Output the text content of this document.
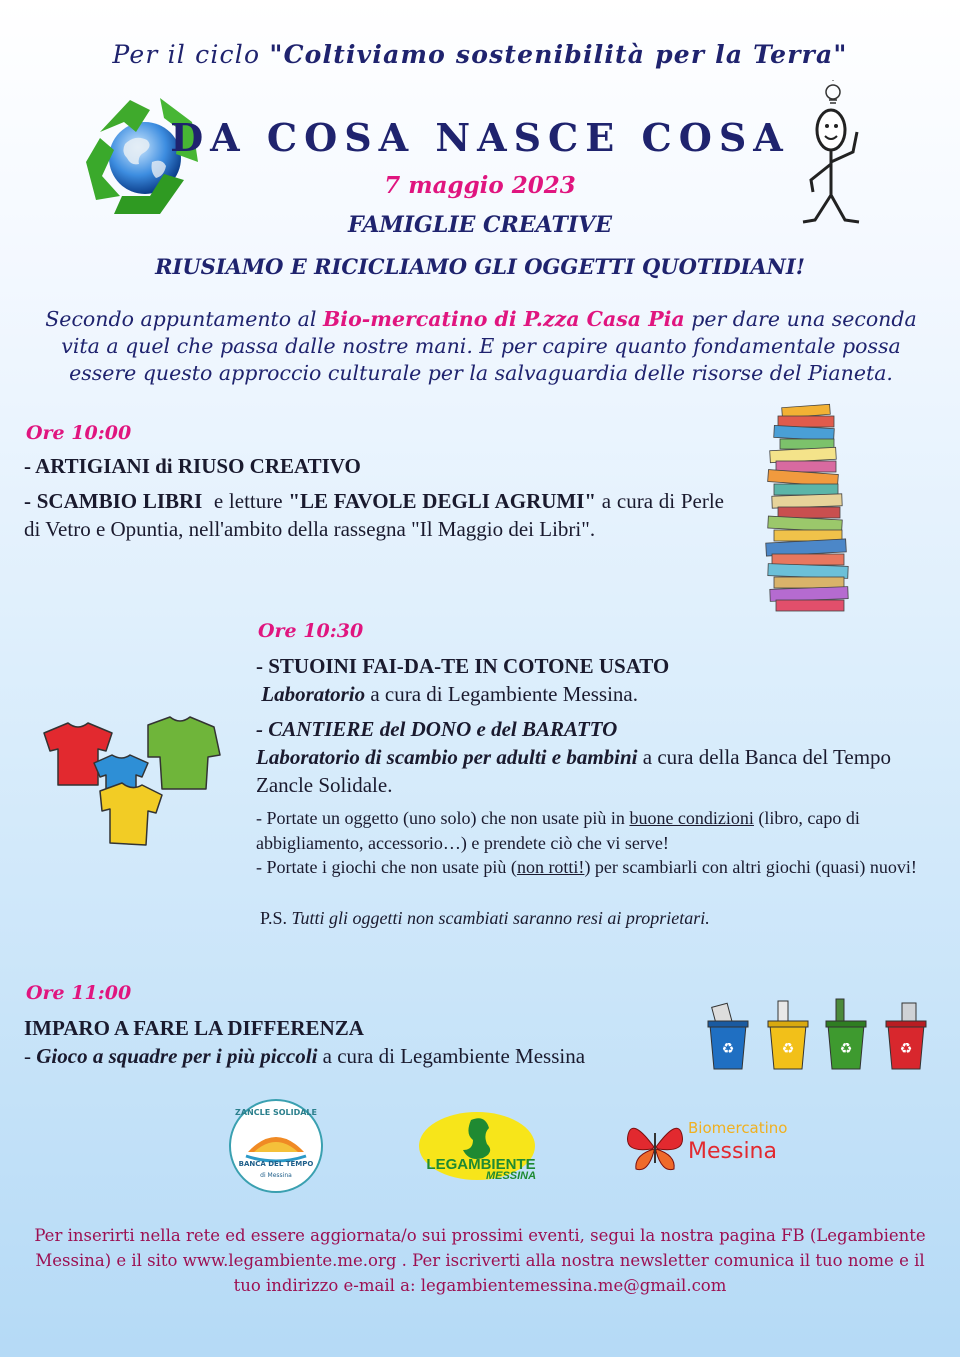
Per il ciclo "Coltiviamo sostenibilità per la Terra"
DA COSA NASCE COSA
7 maggio 2023
FAMIGLIE CREATIVE
RIUSIAMO E RICICLIAMO GLI OGGETTI QUOTIDIANI!
Secondo appuntamento al Bio-mercatino di P.zza Casa Pia per dare una seconda vita a quel che passa dalle nostre mani. E per capire quanto fondamentale possa essere questo approccio culturale per la salvaguardia delle risorse del Pianeta.
Ore 10:00
- ARTIGIANI di RIUSO CREATIVO
- SCAMBIO LIBRI  e letture "LE FAVOLE DEGLI AGRUMI" a cura di Perle di Vetro e Opuntia, nell'ambito della rassegna "Il Maggio dei Libri".
Ore 10:30
- STUOINI FAI-DA-TE IN COTONE USATO
Laboratorio a cura di Legambiente Messina.
- CANTIERE del DONO e del BARATTO
Laboratorio di scambio per adulti e bambini a cura della Banca del Tempo Zancle Solidale.
- Portate un oggetto (uno solo) che non usate più in buone condizioni (libro, capo di abbigliamento, accessorio…) e prendete ciò che vi serve!
- Portate i giochi che non usate più (non rotti!) per scambiarli con altri giochi (quasi) nuovi!
P.S. Tutti gli oggetti non scambiati saranno resi ai proprietari.
Ore 11:00
IMPARO A FARE LA DIFFERENZA
- Gioco a squadre per i più piccoli a cura di Legambiente Messina	♻	♻	♻	♻
ZANCLE SOLIDALE
BANCA DEL TEMPO
di Messina
LEGAMBIENTE
MESSINA
Biomercatino
Messina
Per inserirti nella rete ed essere aggiornata/o sui prossimi eventi, segui la nostra pagina FB (Legambiente Messina) e il sito www.legambiente.me.org . Per iscriverti alla nostra newsletter comunica il tuo nome e il tuo indirizzo e-mail a: legambientemessina.me@gmail.com
